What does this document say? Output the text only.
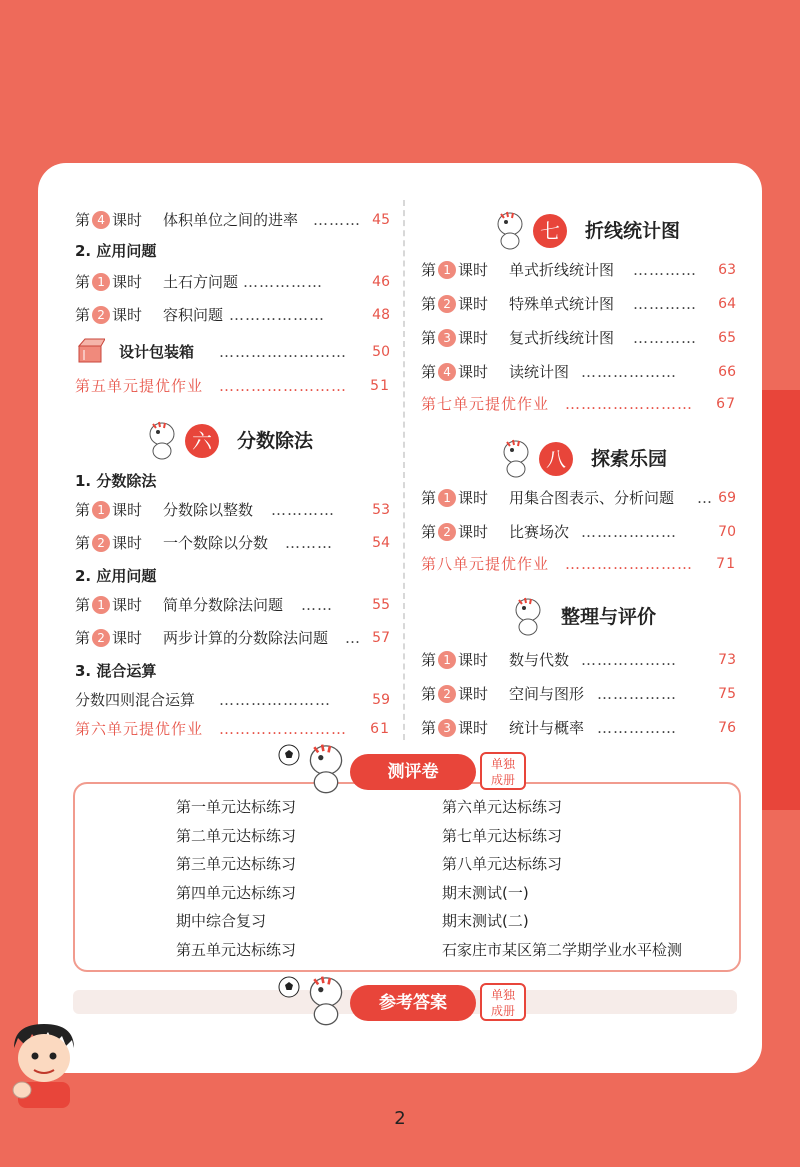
第 4 课时 体积单位之间的进率 ……… 45
2. 应用问题
第 1 课时 土石方问题 ……………	46
第 2 课时 容积问题 ………………	48
设计包装箱 …………………… 50
第五单元提优作业 …………………… 51
六	分数除法
1. 分数除法
第 1 课时 分数除以整数 …………	53
第 2 课时 一个数除以分数 ………	54
2. 应用问题
第 1 课时 简单分数除法问题 ……	55
第 2 课时 两步计算的分数除法问题 … 57
3. 混合运算
分数四则混合运算 …………………	59
第六单元提优作业 …………………… 61
七	折线统计图
第 1 课时 单式折线统计图 ………… 63
第 2 课时 特殊单式统计图 ………… 64
第 3 课时 复式折线统计图 ………… 65
第 4 课时 读统计图 ………………	66
第七单元提优作业 …………………… 67
八	探索乐园
第 1 课时 用集合图表示、分析问题 … 69
第 2 课时 比赛场次 ………………	70
第八单元提优作业 …………………… 71
整理与评价
第 1 课时 数与代数 ………………	73
第 2 课时 空间与图形 ……………	75
第 3 课时 统计与概率 ……………	76
测评卷	单独
成册
第一单元达标练习
第二单元达标练习
第三单元达标练习
第四单元达标练习
期中综合复习
第五单元达标练习
第六单元达标练习
第七单元达标练习
第八单元达标练习
期末测试(一)
期末测试(二)
石家庄市某区第二学期学业水平检测
参考答案	单独
成册
2
